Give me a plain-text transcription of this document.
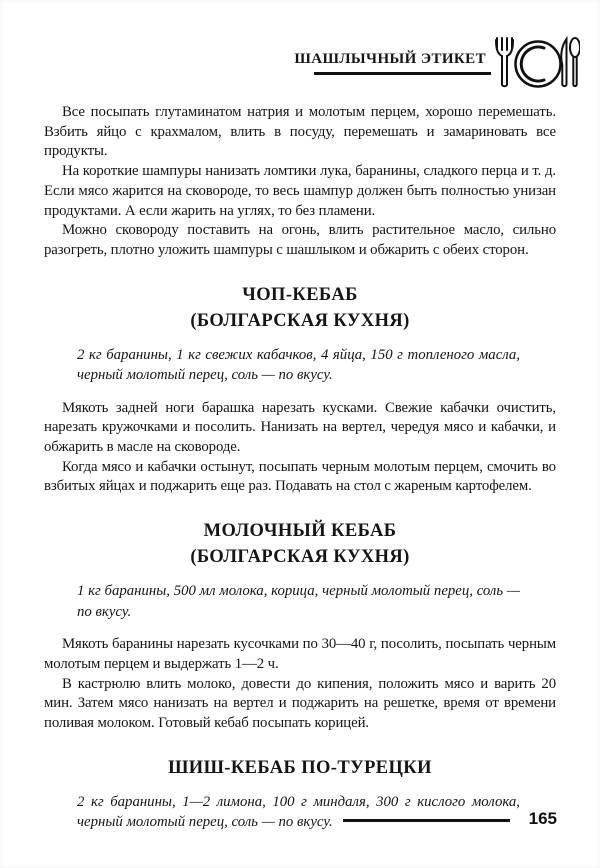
ШАШЛЫЧНЫЙ ЭТИКЕТ

Все посыпать глутаминатом натрия и молотым перцем, хорошо перемешать. Взбить яйцо с крахмалом, влить в посуду, перемешать и замариновать все продукты.

На короткие шампуры нанизать ломтики лука, баранины, сладкого перца и т. д. Если мясо жарится на сковороде, то весь шампур должен быть полностью унизан продуктами. А если жарить на углях, то без пламени.

Можно сковороду поставить на огонь, влить растительное масло, сильно разогреть, плотно уложить шампуры с шашлыком и обжарить с обеих сторон.

ЧОП-КЕБАБ
(БОЛГАРСКАЯ КУХНЯ)

2 кг баранины, 1 кг свежих кабачков, 4 яйца, 150 г топленого масла, черный молотый перец, соль — по вкусу.

Мякоть задней ноги барашка нарезать кусками. Свежие кабачки очистить, нарезать кружочками и посолить. Нанизать на вертел, чередуя мясо и кабачки, и обжарить в масле на сковороде.

Когда мясо и кабачки остынут, посыпать черным молотым перцем, смочить во взбитых яйцах и поджарить еще раз. Подавать на стол с жареным картофелем.

МОЛОЧНЫЙ КЕБАБ
(БОЛГАРСКАЯ КУХНЯ)

1 кг баранины, 500 мл молока, корица, черный молотый перец, соль — по вкусу.

Мякоть баранины нарезать кусочками по 30—40 г, посолить, посыпать черным молотым перцем и выдержать 1—2 ч.

В кастрюлю влить молоко, довести до кипения, положить мясо и варить 20 мин. Затем мясо нанизать на вертел и поджарить на решетке, время от времени поливая молоком. Готовый кебаб посыпать корицей.

ШИШ-КЕБАБ ПО-ТУРЕЦКИ

2 кг баранины, 1—2 лимона, 100 г миндаля, 300 г кислого молока, черный молотый перец, соль — по вкусу.	165
